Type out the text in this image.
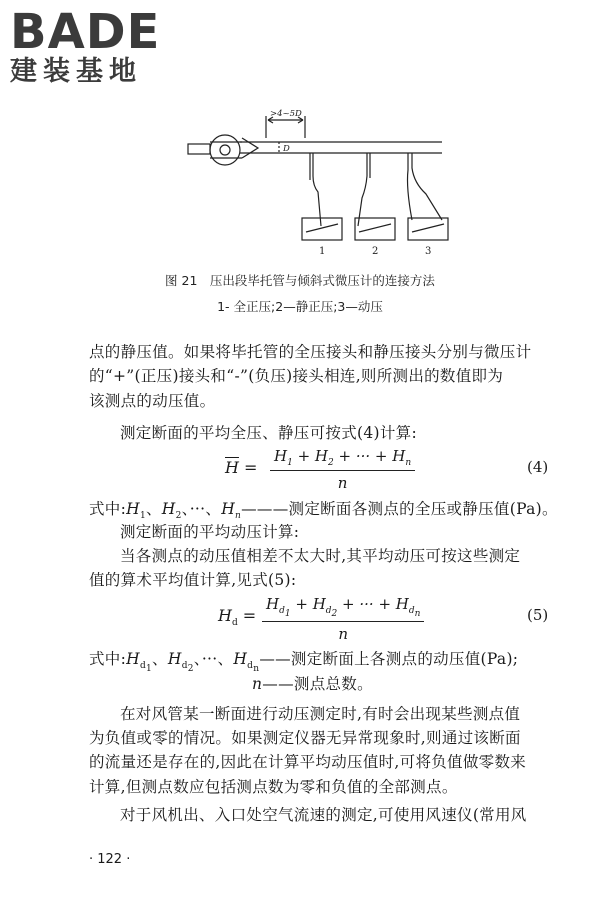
BADE
建装基地
>4~5D
D
1	2	3
图 21　压出段毕托管与倾斜式微压计的连接方法
1- 全正压;2—静正压;3—动压
点的静压值。如果将毕托管的全压接头和静压接头分别与微压计
的“+”(正压)接头和“-”(负压)接头相连,则所测出的数值即为
该测点的动压值。
测定断面的平均全压、静压可按式(4)计算:
$\overline{H} = \frac{H_1 + H_2 + \cdot\cdot\cdot + H_n}{n}$	(4)
式中$:H_1$、$H_2$、···、$H_n———$测定断面各测点的全压或静压值(Pa)。
测定断面的平均动压计算:
当各测点的动压值相差不太大时,其平均动压可按这些测定
值的算术平均值计算,见式(5):
$H_d$ =
$H_{d_1} + H_{d_2}$ + ··· + $H_{d_n}$
n
(5)
式中$:H_{d_1}$、$H_{d_2}$、···、$H_{d_n}——$测定断面上各测点的动压值(Pa);
n——测点总数。
在对风管某一断面进行动压测定时,有时会出现某些测点值
为负值或零的情况。如果测定仪器无异常现象时,则通过该断面
的流量还是存在的,因此在计算平均动压值时,可将负值做零数来
计算,但测点数应包括测点数为零和负值的全部测点。
对于风机出、入口处空气流速的测定,可使用风速仪(常用风
· 122 ·
